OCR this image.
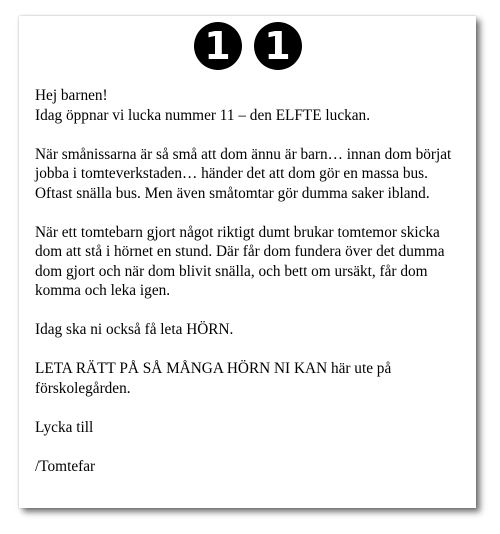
1 1

Hej barnen!
Idag öppnar vi lucka nummer 11 – den ELFTE luckan.

När smånissarna är så små att dom ännu är barn… innan dom börjat jobba i tomteverkstaden… händer det att dom gör en massa bus. Oftast snälla bus. Men även småtomtar gör dumma saker ibland.

När ett tomtebarn gjort något riktigt dumt brukar tomtemor skicka dom att stå i hörnet en stund. Där får dom fundera över det dumma dom gjort och när dom blivit snälla, och bett om ursäkt, får dom komma och leka igen.

Idag ska ni också få leta HÖRN.

LETA RÄTT PÅ SÅ MÅNGA HÖRN NI KAN här ute på förskolegården.

Lycka till

/Tomtefar
